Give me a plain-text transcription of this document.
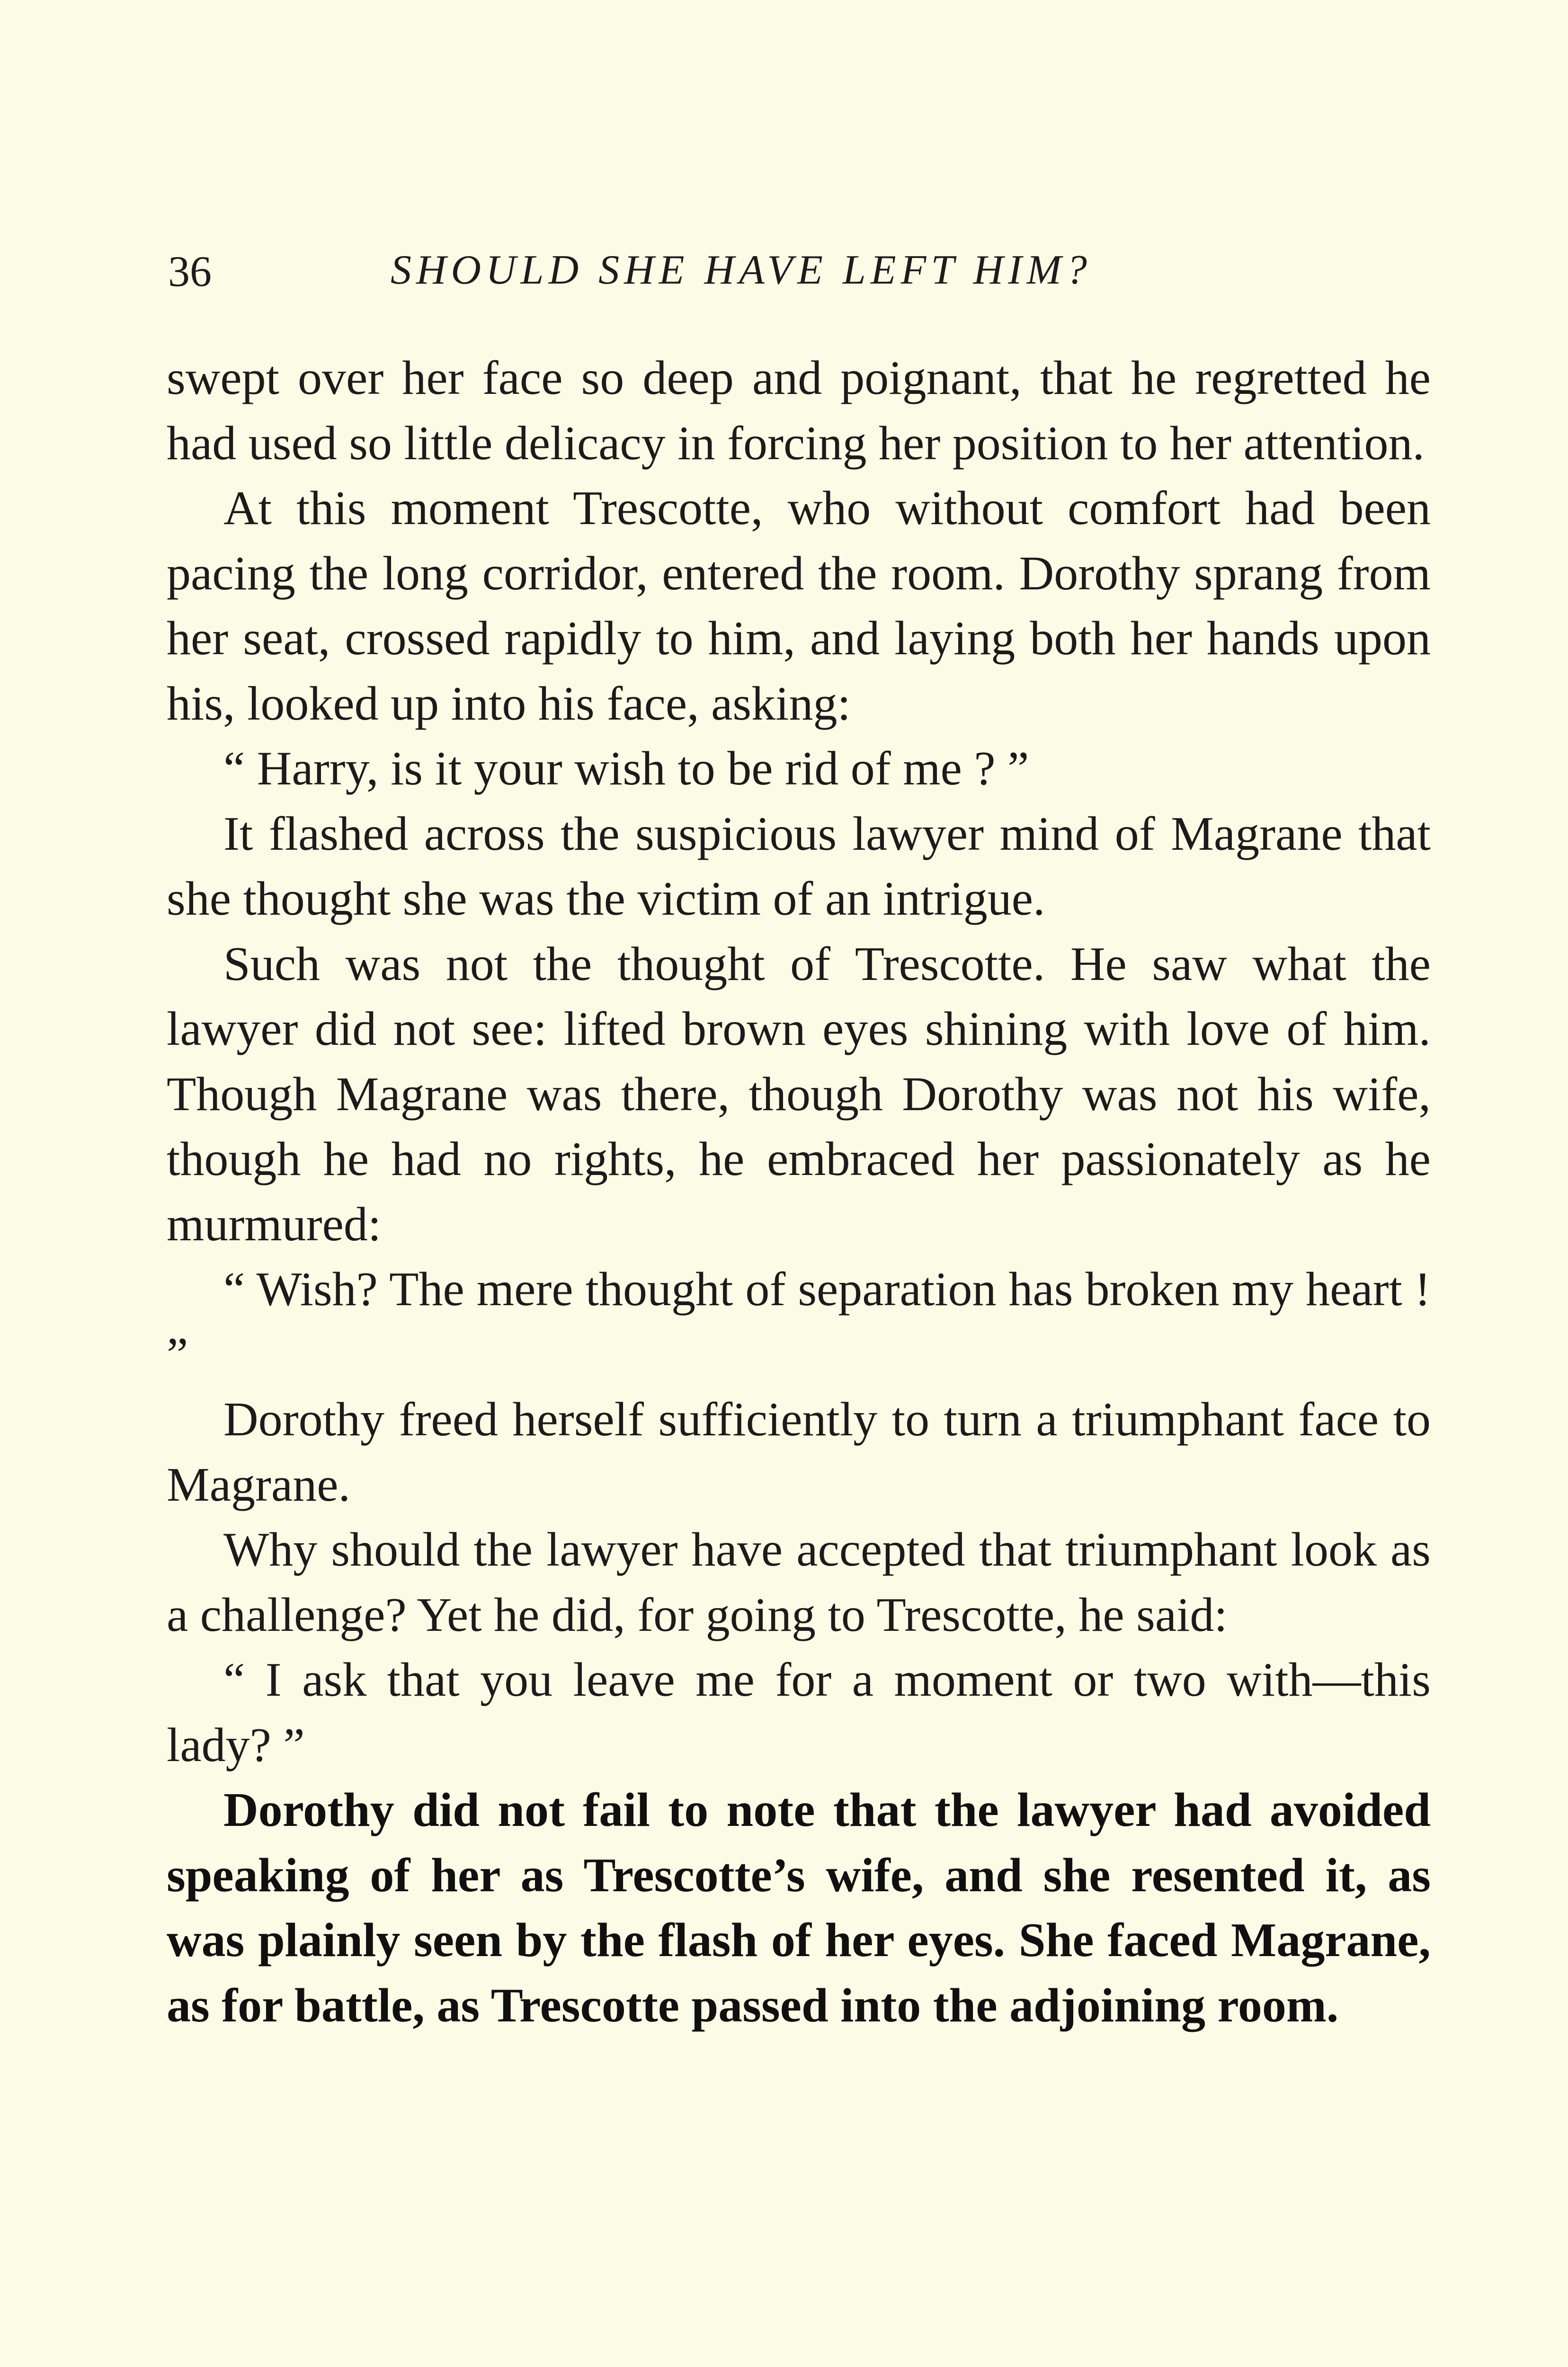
36	SHOULD SHE HAVE LEFT HIM?

swept over her face so deep and poignant, that he regretted he had used so little delicacy in forcing her position to her attention.

At this moment Trescotte, who without comfort had been pacing the long corridor, entered the room. Dorothy sprang from her seat, crossed rapidly to him, and laying both her hands upon his, looked up into his face, asking:

“ Harry, is it your wish to be rid of me ? ”

It flashed across the suspicious lawyer mind of Magrane that she thought she was the victim of an intrigue.

Such was not the thought of Trescotte. He saw what the lawyer did not see: lifted brown eyes shining with love of him. Though Magrane was there, though Dorothy was not his wife, though he had no rights, he embraced her passionately as he murmured:

“ Wish? The mere thought of separation has broken my heart ! ”

Dorothy freed herself sufficiently to turn a triumphant face to Magrane.

Why should the lawyer have accepted that triumphant look as a challenge? Yet he did, for going to Trescotte, he said:

“ I ask that you leave me for a moment or two with—this lady? ”

Dorothy did not fail to note that the lawyer had avoided speaking of her as Trescotte’s wife, and she resented it, as was plainly seen by the flash of her eyes. She faced Magrane, as for battle, as Trescotte passed into the adjoining room.
